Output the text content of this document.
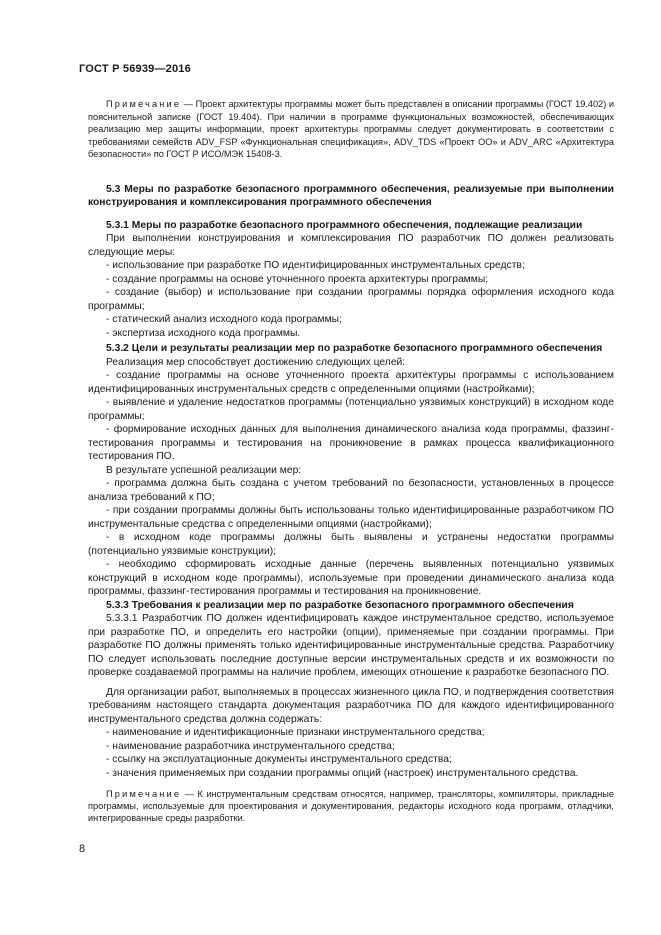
ГОСТ Р 56939—2016

Примечание — Проект архитектуры программы может быть представлен в описании программы (ГОСТ 19.402) и пояснительной записке (ГОСТ 19.404). При наличии в программе функциональных возможностей, обеспечивающих реализацию мер защиты информации, проект архитектуры программы следует документировать в соответствии с требованиями семейств ADV_FSP «Функциональная спецификация», ADV_TDS «Проект ОО» и ADV_ARC «Архитектура безопасности» по ГОСТ Р ИСО/МЭК 15408-3.

5.3 Меры по разработке безопасного программного обеспечения, реализуемые при выполнении конструирования и комплексирования программного обеспечения

5.3.1 Меры по разработке безопасного программного обеспечения, подлежащие реализации

При выполнении конструирования и комплексирования ПО разработчик ПО должен реализовать следующие меры:

- использование при разработке ПО идентифицированных инструментальных средств;

- создание программы на основе уточненного проекта архитектуры программы;

- создание (выбор) и использование при создании программы порядка оформления исходного кода программы;

- статический анализ исходного кода программы;

- экспертиза исходного кода программы.

5.3.2 Цели и результаты реализации мер по разработке безопасного программного обеспечения

Реализация мер способствует достижению следующих целей:

- создание программы на основе уточненного проекта архитектуры программы с использованием идентифицированных инструментальных средств с определенными опциями (настройками);

- выявление и удаление недостатков программы (потенциально уязвимых конструкций) в исходном коде программы;

- формирование исходных данных для выполнения динамического анализа кода программы, фаззинг-тестирования программы и тестирования на проникновение в рамках процесса квалификационного тестирования ПО.

В результате успешной реализации мер:

- программа должна быть создана с учетом требований по безопасности, установленных в процессе анализа требований к ПО;

- при создании программы должны быть использованы только идентифицированные разработчиком ПО инструментальные средства с определенными опциями (настройками);

- в исходном коде программы должны быть выявлены и устранены недостатки программы (потенциально уязвимые конструкции);

- необходимо сформировать исходные данные (перечень выявленных потенциально уязвимых конструкций в исходном коде программы), используемые при проведении динамического анализа кода программы, фаззинг-тестирования программы и тестирования на проникновение.

5.3.3 Требования к реализации мер по разработке безопасного программного обеспечения

5.3.3.1 Разработчик ПО должен идентифицировать каждое инструментальное средство, используемое при разработке ПО, и определить его настройки (опции), применяемые при создании программы. При разработке ПО должны применять только идентифицированные инструментальные средства. Разработчику ПО следует использовать последние доступные версии инструментальных средств и их возможности по проверке создаваемой программы на наличие проблем, имеющих отношение к разработке безопасного ПО.

Для организации работ, выполняемых в процессах жизненного цикла ПО, и подтверждения соответствия требованиям настоящего стандарта документация разработчика ПО для каждого идентифицированного инструментального средства должна содержать:

- наименование и идентификационные признаки инструментального средства;

- наименование разработчика инструментального средства;

- ссылку на эксплуатационные документы инструментального средства;

- значения применяемых при создании программы опций (настроек) инструментального средства.

Примечание — К инструментальным средствам относятся, например, трансляторы, компиляторы, прикладные программы, используемые для проектирования и документирования, редакторы исходного кода программ, отладчики, интегрированные среды разработки.

8
